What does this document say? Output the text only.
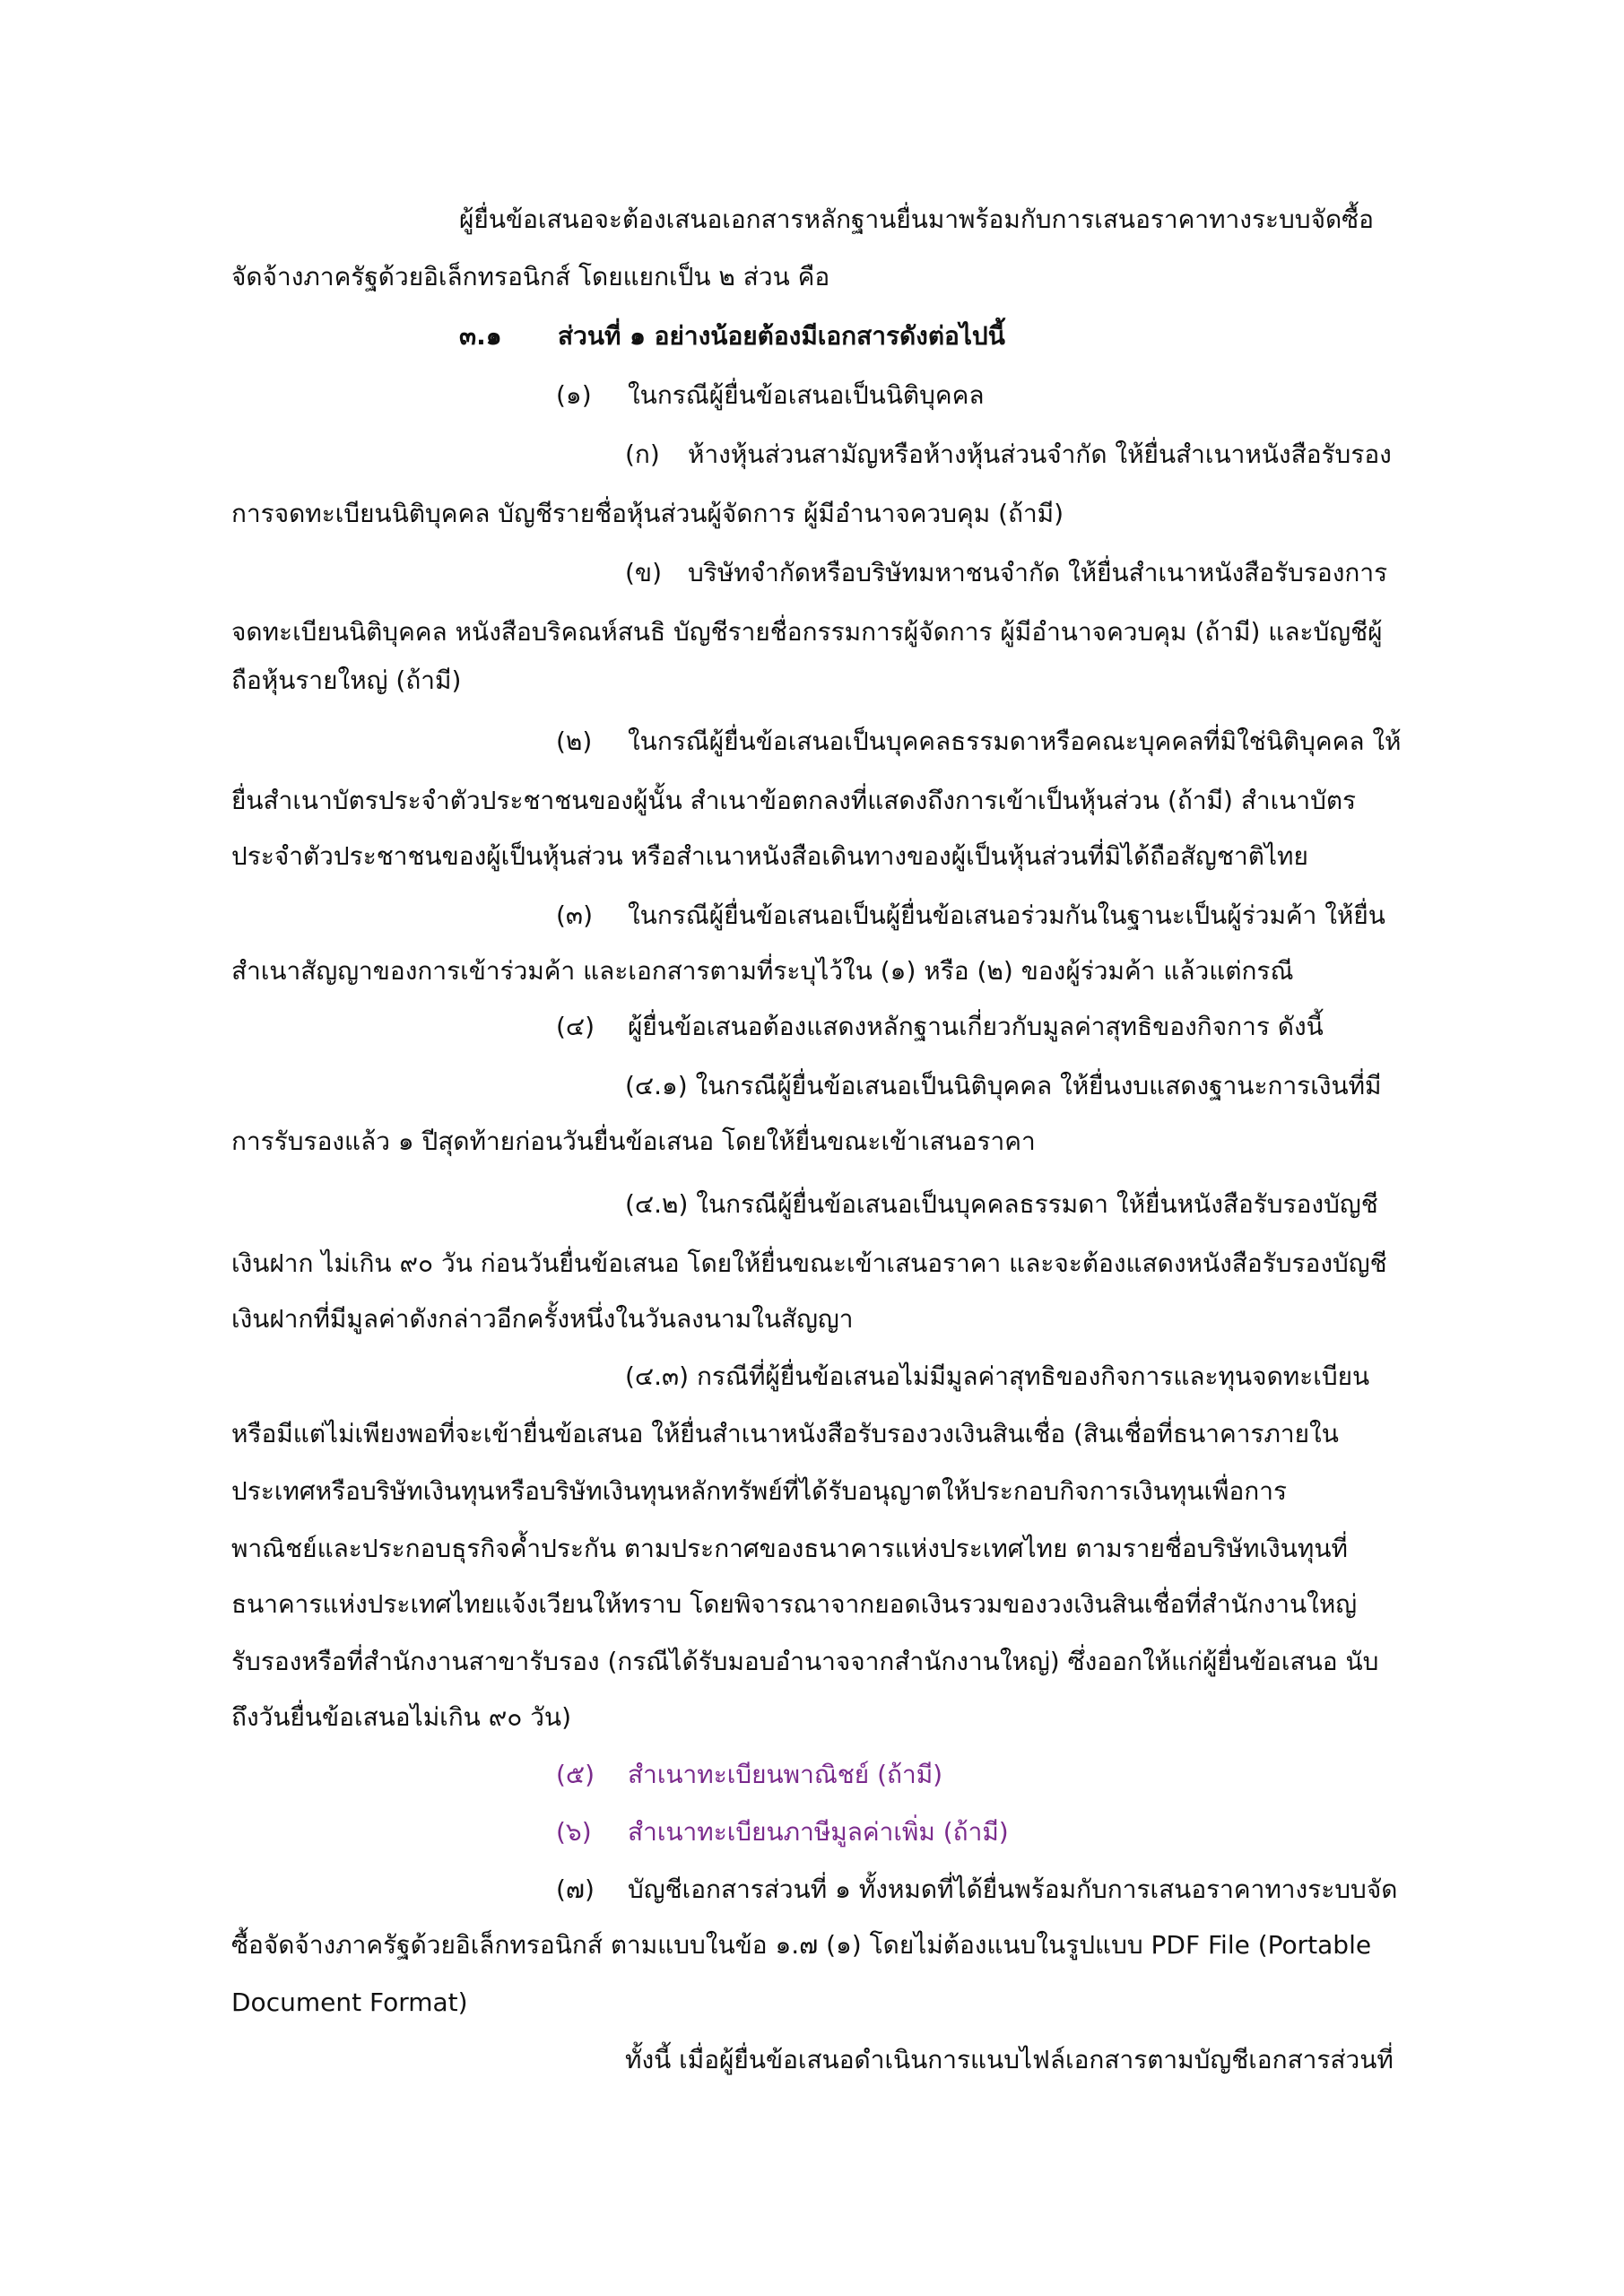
ผู้ยื่นข้อเสนอจะต้องเสนอเอกสารหลักฐานยื่นมาพร้อมกับการเสนอราคาทางระบบจัดซื้อ
จัดจ้างภาครัฐด้วยอิเล็กทรอนิกส์ โดยแยกเป็น ๒ ส่วน คือ
๓.๑ ส่วนที่ ๑ อย่างน้อยต้องมีเอกสารดังต่อไปนี้
(๑) ในกรณีผู้ยื่นข้อเสนอเป็นนิติบุคคล
(ก) ห้างหุ้นส่วนสามัญหรือห้างหุ้นส่วนจำกัด ให้ยื่นสำเนาหนังสือรับรอง
การจดทะเบียนนิติบุคคล บัญชีรายชื่อหุ้นส่วนผู้จัดการ ผู้มีอำนาจควบคุม (ถ้ามี)
(ข) บริษัทจำกัดหรือบริษัทมหาชนจำกัด ให้ยื่นสำเนาหนังสือรับรองการ
จดทะเบียนนิติบุคคล หนังสือบริคณห์สนธิ บัญชีรายชื่อกรรมการผู้จัดการ ผู้มีอำนาจควบคุม (ถ้ามี) และบัญชีผู้
ถือหุ้นรายใหญ่ (ถ้ามี)
(๒) ในกรณีผู้ยื่นข้อเสนอเป็นบุคคลธรรมดาหรือคณะบุคคลที่มิใช่นิติบุคคล ให้
ยื่นสำเนาบัตรประจำตัวประชาชนของผู้นั้น สำเนาข้อตกลงที่แสดงถึงการเข้าเป็นหุ้นส่วน (ถ้ามี) สำเนาบัตร
ประจำตัวประชาชนของผู้เป็นหุ้นส่วน หรือสำเนาหนังสือเดินทางของผู้เป็นหุ้นส่วนที่มิได้ถือสัญชาติไทย
(๓) ในกรณีผู้ยื่นข้อเสนอเป็นผู้ยื่นข้อเสนอร่วมกันในฐานะเป็นผู้ร่วมค้า ให้ยื่น
สำเนาสัญญาของการเข้าร่วมค้า และเอกสารตามที่ระบุไว้ใน (๑) หรือ (๒) ของผู้ร่วมค้า แล้วแต่กรณี
(๔) ผู้ยื่นข้อเสนอต้องแสดงหลักฐานเกี่ยวกับมูลค่าสุทธิของกิจการ ดังนี้
(๔.๑) ในกรณีผู้ยื่นข้อเสนอเป็นนิติบุคคล ให้ยื่นงบแสดงฐานะการเงินที่มี
การรับรองแล้ว ๑ ปีสุดท้ายก่อนวันยื่นข้อเสนอ โดยให้ยื่นขณะเข้าเสนอราคา
(๔.๒) ในกรณีผู้ยื่นข้อเสนอเป็นบุคคลธรรมดา ให้ยื่นหนังสือรับรองบัญชี
เงินฝาก ไม่เกิน ๙๐ วัน ก่อนวันยื่นข้อเสนอ โดยให้ยื่นขณะเข้าเสนอราคา และจะต้องแสดงหนังสือรับรองบัญชี
เงินฝากที่มีมูลค่าดังกล่าวอีกครั้งหนึ่งในวันลงนามในสัญญา
(๔.๓) กรณีที่ผู้ยื่นข้อเสนอไม่มีมูลค่าสุทธิของกิจการและทุนจดทะเบียน
หรือมีแต่ไม่เพียงพอที่จะเข้ายื่นข้อเสนอ ให้ยื่นสำเนาหนังสือรับรองวงเงินสินเชื่อ (สินเชื่อที่ธนาคารภายใน
ประเทศหรือบริษัทเงินทุนหรือบริษัทเงินทุนหลักทรัพย์ที่ได้รับอนุญาตให้ประกอบกิจการเงินทุนเพื่อการ
พาณิชย์และประกอบธุรกิจค้ำประกัน ตามประกาศของธนาคารแห่งประเทศไทย ตามรายชื่อบริษัทเงินทุนที่
ธนาคารแห่งประเทศไทยแจ้งเวียนให้ทราบ โดยพิจารณาจากยอดเงินรวมของวงเงินสินเชื่อที่สำนักงานใหญ่
รับรองหรือที่สำนักงานสาขารับรอง (กรณีได้รับมอบอำนาจจากสำนักงานใหญ่) ซึ่งออกให้แก่ผู้ยื่นข้อเสนอ นับ
ถึงวันยื่นข้อเสนอไม่เกิน ๙๐ วัน)
(๕) สำเนาทะเบียนพาณิชย์ (ถ้ามี)
(๖) สำเนาทะเบียนภาษีมูลค่าเพิ่ม (ถ้ามี)
(๗) บัญชีเอกสารส่วนที่ ๑ ทั้งหมดที่ได้ยื่นพร้อมกับการเสนอราคาทางระบบจัด
ซื้อจัดจ้างภาครัฐด้วยอิเล็กทรอนิกส์ ตามแบบในข้อ ๑.๗ (๑) โดยไม่ต้องแนบในรูปแบบ PDF File (Portable
Document Format)
ทั้งนี้ เมื่อผู้ยื่นข้อเสนอดำเนินการแนบไฟล์เอกสารตามบัญชีเอกสารส่วนที่
